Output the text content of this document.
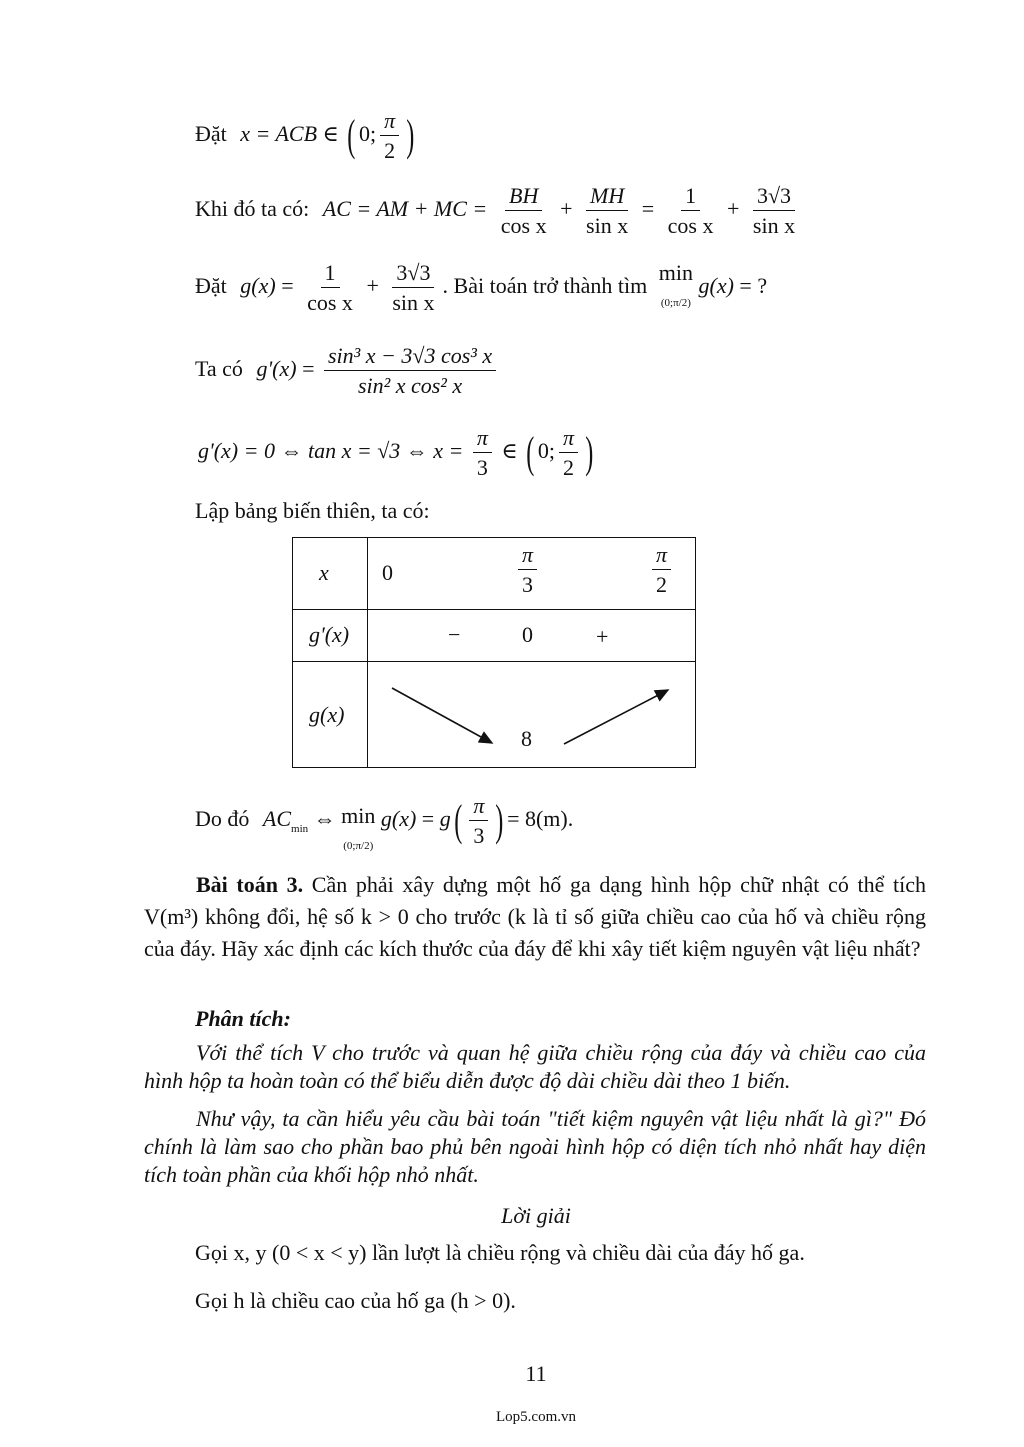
Đặt x = ACB ∈ ( 0; $\frac{\pi}{2}$ )
Khi đó ta có: AC = AM + MC = $\frac{BH}{\text{cos x}} + \frac{MH}{\text{sin x}} = \frac{1}{\text{cos x}} + \frac{3√3}{\text{sin x}}$
Đặt $g(x) = \frac{1}{\text{cos x}} + \frac{3√3}{\text{sin x}}$ . Bài toán trở thành tìm min
(0;π/2) g(x) = ?
Ta có $g'(x) = \frac{\text{sin³ x − 3√3 cos³ x}}{\text{sin² x cos² x}}$
g'(x) = 0 ⇔ tan x = √3 ⇔ $x = \frac{\pi}{3}$ ∈ ( 0; $\frac{\pi}{2}$ )
Lập bảng biến thiên, ta có:
x	$0 \frac{\pi}{3} \frac{\pi}{2}$

g'(x)	− 0 +

g(x)	8
Do đó $AC_{min}$ ⇔ min
(0;π/2) $g(x) = g( \frac{\pi}{3}$ ) = 8(m).
Bài toán 3. Cần phải xây dựng một hố ga dạng hình hộp chữ nhật có thể tích V(m³) không đổi, hệ số k > 0 cho trước (k là tỉ số giữa chiều cao của hố và chiều rộng của đáy. Hãy xác định các kích thước của đáy để khi xây tiết kiệm nguyên vật liệu nhất?
Phân tích:
Với thể tích V cho trước và quan hệ giữa chiều rộng của đáy và chiều cao của hình hộp ta hoàn toàn có thể biểu diễn được độ dài chiều dài theo 1 biến.
Như vậy, ta cần hiểu yêu cầu bài toán "tiết kiệm nguyên vật liệu nhất là gì?" Đó chính là làm sao cho phần bao phủ bên ngoài hình hộp có diện tích nhỏ nhất hay diện tích toàn phần của khối hộp nhỏ nhất.
Lời giải
Gọi x, y (0 < x < y) lần lượt là chiều rộng và chiều dài của đáy hố ga.
Gọi h là chiều cao của hố ga (h > 0).
11
Lop5.com.vn
